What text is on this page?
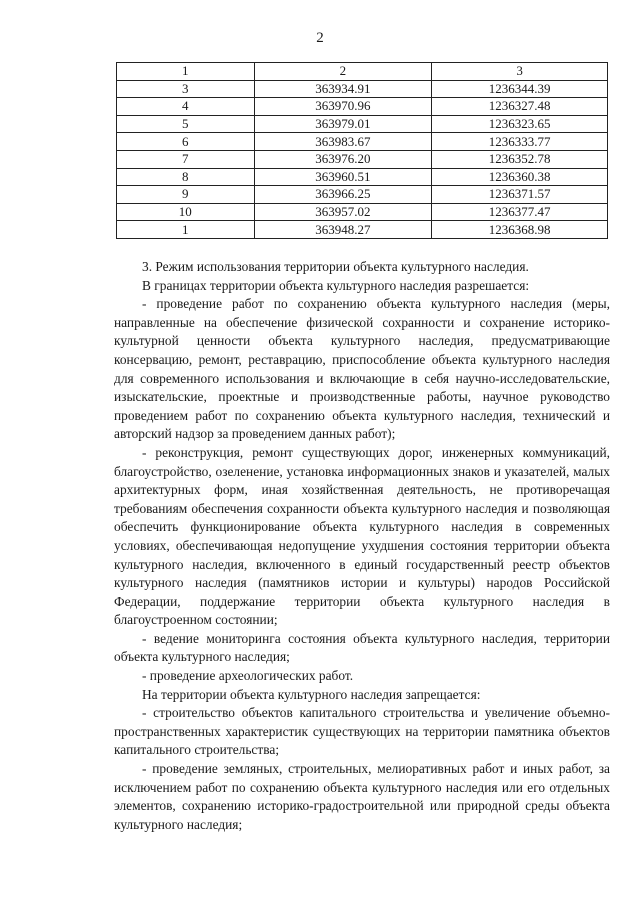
2
1	2	3
3	363934.91	1236344.39
4	363970.96	1236327.48
5	363979.01	1236323.65
6	363983.67	1236333.77
7	363976.20	1236352.78
8	363960.51	1236360.38
9	363966.25	1236371.57
10	363957.02	1236377.47
1	363948.27	1236368.98

3. Режим использования территории объекта культурного наследия.

В границах территории объекта культурного наследия разрешается:

- проведение работ по сохранению объекта культурного наследия (меры, направленные на обеспечение физической сохранности и сохранение историко-культурной ценности объекта культурного наследия, предусматривающие консервацию, ремонт, реставрацию, приспособление объекта культурного наследия для современного использования и включающие в себя научно-исследовательские, изыскательские, проектные и производственные работы, научное руководство проведением работ по сохранению объекта культурного наследия, технический и авторский надзор за проведением данных работ);

- реконструкция, ремонт существующих дорог, инженерных коммуникаций, благоустройство, озеленение, установка информационных знаков и указателей, малых архитектурных форм, иная хозяйственная деятельность, не противоречащая требованиям обеспечения сохранности объекта культурного наследия и позволяющая обеспечить функционирование объекта культурного наследия в современных условиях, обеспечивающая недопущение ухудшения состояния территории объекта культурного наследия, включенного в единый государственный реестр объектов культурного наследия (памятников истории и культуры) народов Российской Федерации, поддержание территории объекта культурного наследия в благоустроенном состоянии;

- ведение мониторинга состояния объекта культурного наследия, территории объекта культурного наследия;

- проведение археологических работ.

На территории объекта культурного наследия запрещается:

- строительство объектов капитального строительства и увеличение объемно-пространственных характеристик существующих на территории памятника объектов капитального строительства;

- проведение земляных, строительных, мелиоративных работ и иных работ, за исключением работ по сохранению объекта культурного наследия или его отдельных элементов, сохранению историко-градостроительной или природной среды объекта культурного наследия;
